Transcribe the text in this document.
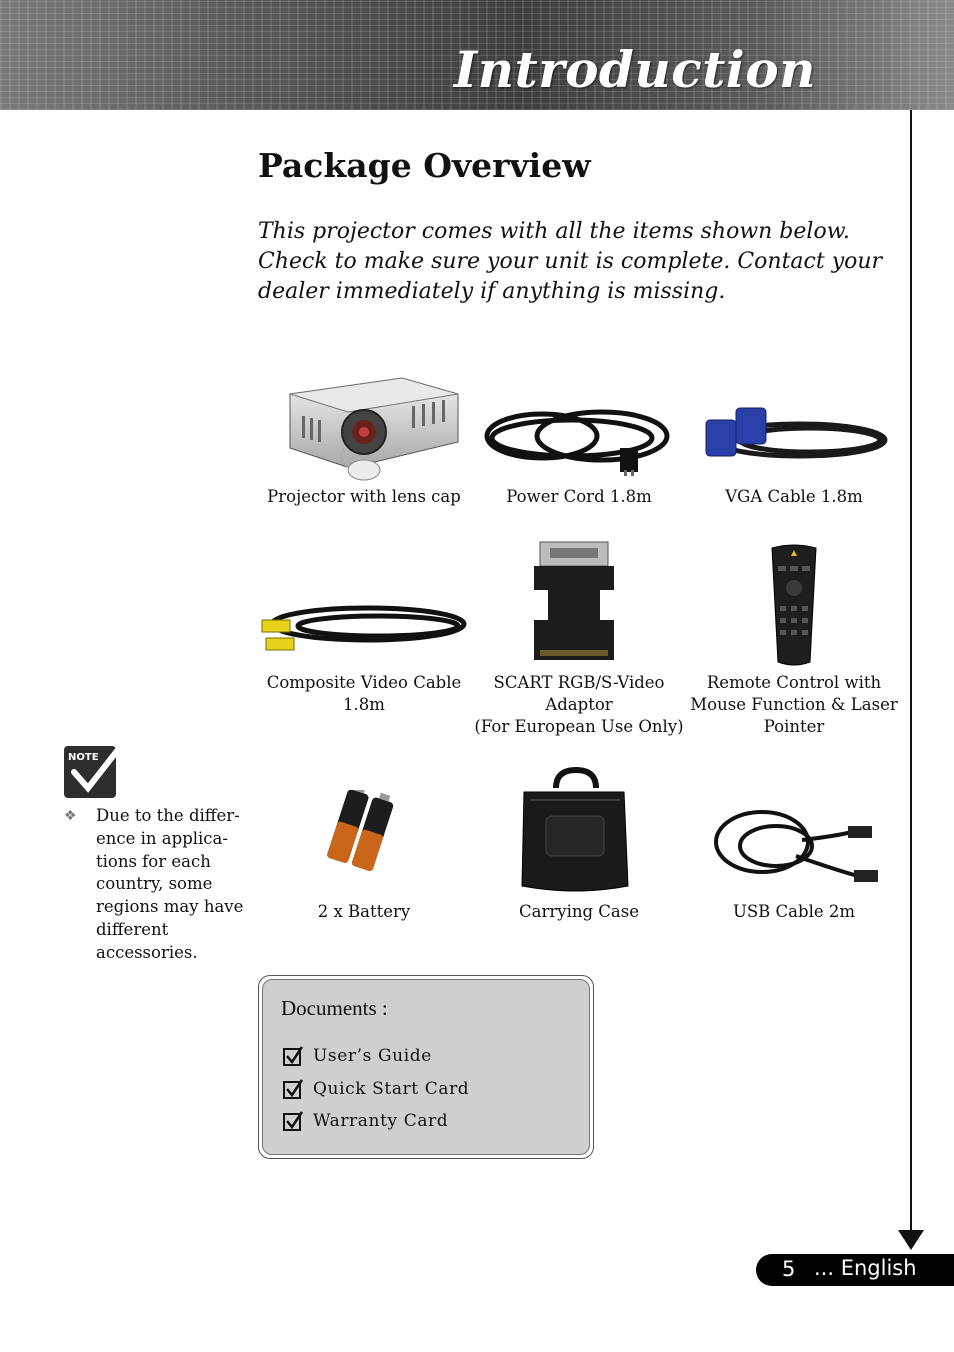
Introduction
Package Overview
This projector comes with all the items shown below. Check to make sure your unit is complete. Contact your dealer immediately if anything is missing.
Projector with lens cap	Power Cord 1.8m	VGA Cable 1.8m
Composite Video Cable
1.8m
SCART RGB/S-Video
Adaptor
(For European Use Only)
Remote Control with
Mouse Function & Laser
Pointer
2 x Battery	Carrying Case	USB Cable 2m
NOTE
❖ Due to the differ- ence in applica- tions for each country, some regions may have different accessories.
Documents :
User’s Guide
Quick Start Card
Warranty Card
5 ... English
